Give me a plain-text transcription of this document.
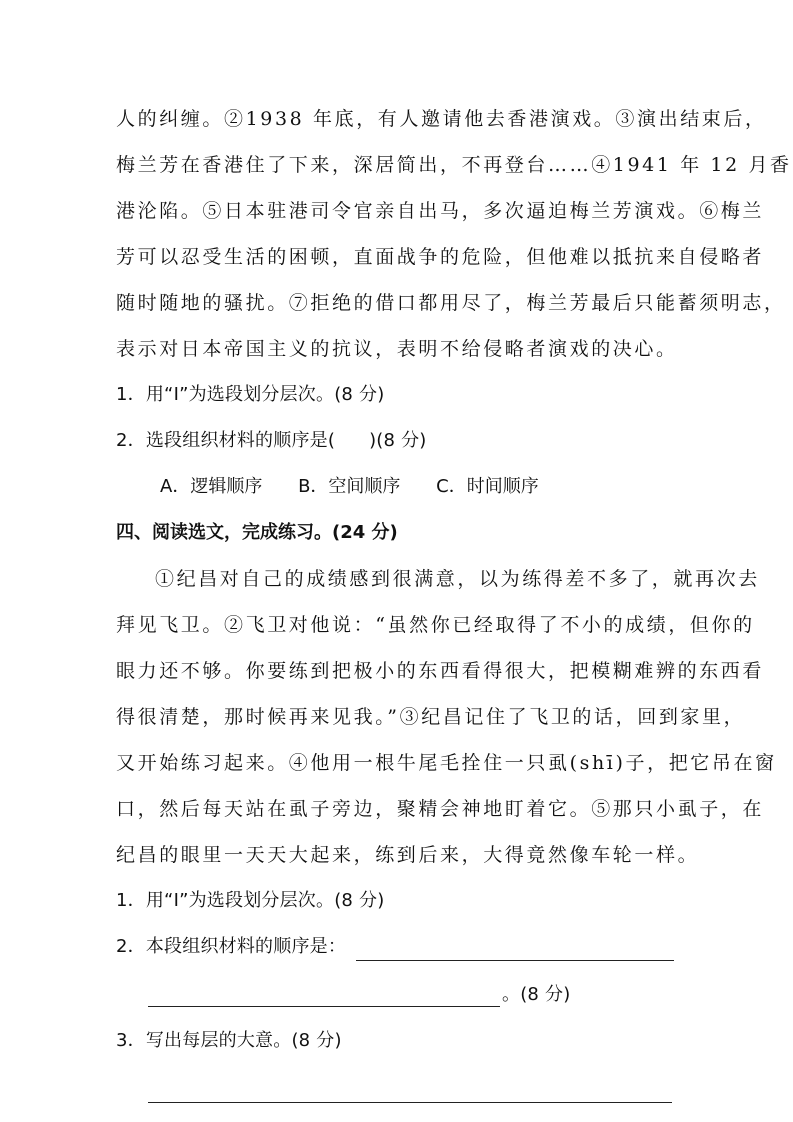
人的纠缠。②1938 年底，有人邀请他去香港演戏。③演出结束后，
梅兰芳在香港住了下来，深居简出，不再登台……④1941 年 12 月香
港沦陷。⑤日本驻港司令官亲自出马，多次逼迫梅兰芳演戏。⑥梅兰
芳可以忍受生活的困顿，直面战争的危险，但他难以抵抗来自侵略者
随时随地的骚扰。⑦拒绝的借口都用尽了，梅兰芳最后只能蓄须明志，
表示对日本帝国主义的抗议，表明不给侵略者演戏的决心。
1．用“Ⅰ”为选段划分层次。(8 分)
2．选段组织材料的顺序是( )(8 分)
A．逻辑顺序 B．空间顺序 C．时间顺序
四、阅读选文，完成练习。(24 分)
①纪昌对自己的成绩感到很满意，以为练得差不多了，就再次去
拜见飞卫。②飞卫对他说：“虽然你已经取得了不小的成绩，但你的
眼力还不够。你要练到把极小的东西看得很大，把模糊难辨的东西看
得很清楚，那时候再来见我。”③纪昌记住了飞卫的话，回到家里，
又开始练习起来。④他用一根牛尾毛拴住一只虱(shī)子，把它吊在窗
口，然后每天站在虱子旁边，聚精会神地盯着它。⑤那只小虱子，在
纪昌的眼里一天天大起来，练到后来，大得竟然像车轮一样。
1．用“Ⅰ”为选段划分层次。(8 分)
2．本段组织材料的顺序是：
。(8 分)
3．写出每层的大意。(8 分)
